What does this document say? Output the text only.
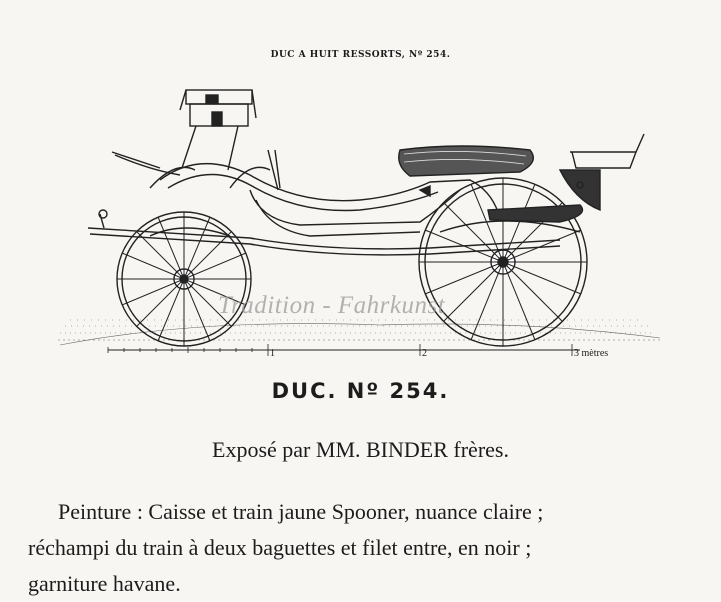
DUC A HUIT RESSORTS, Nº 254.
1	2	3 mètres
Tradition - Fahrkunst
DUC. Nº 254.
Exposé par MM. BINDER frères.
Peinture : Caisse et train jaune Spooner, nuance claire ;
réchampi du train à deux baguettes et filet entre, en noir ;
garniture havane.
